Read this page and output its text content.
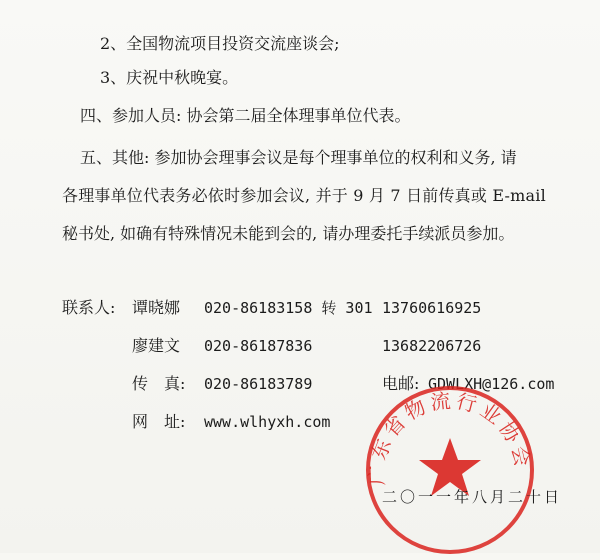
2、全国物流项目投资交流座谈会;
3、庆祝中秋晚宴。
四、参加人员: 协会第二届全体理事单位代表。
五、其他: 参加协会理事会议是每个理事单位的权利和义务, 请
各理事单位代表务必依时参加会议, 并于 9 月 7 日前传真或 E-mail
秘书处, 如确有特殊情况未能到会的, 请办理委托手续派员参加。
联系人: 谭晓娜 020-86183158 转 301 13760616925
廖建文 020-86187836	13682206726
传　真: 020-86183789	电邮: GDWLXH@126.com
网　址: www.wlhyxh.com
广东省物流行业协会
二〇一一年八月二十日
